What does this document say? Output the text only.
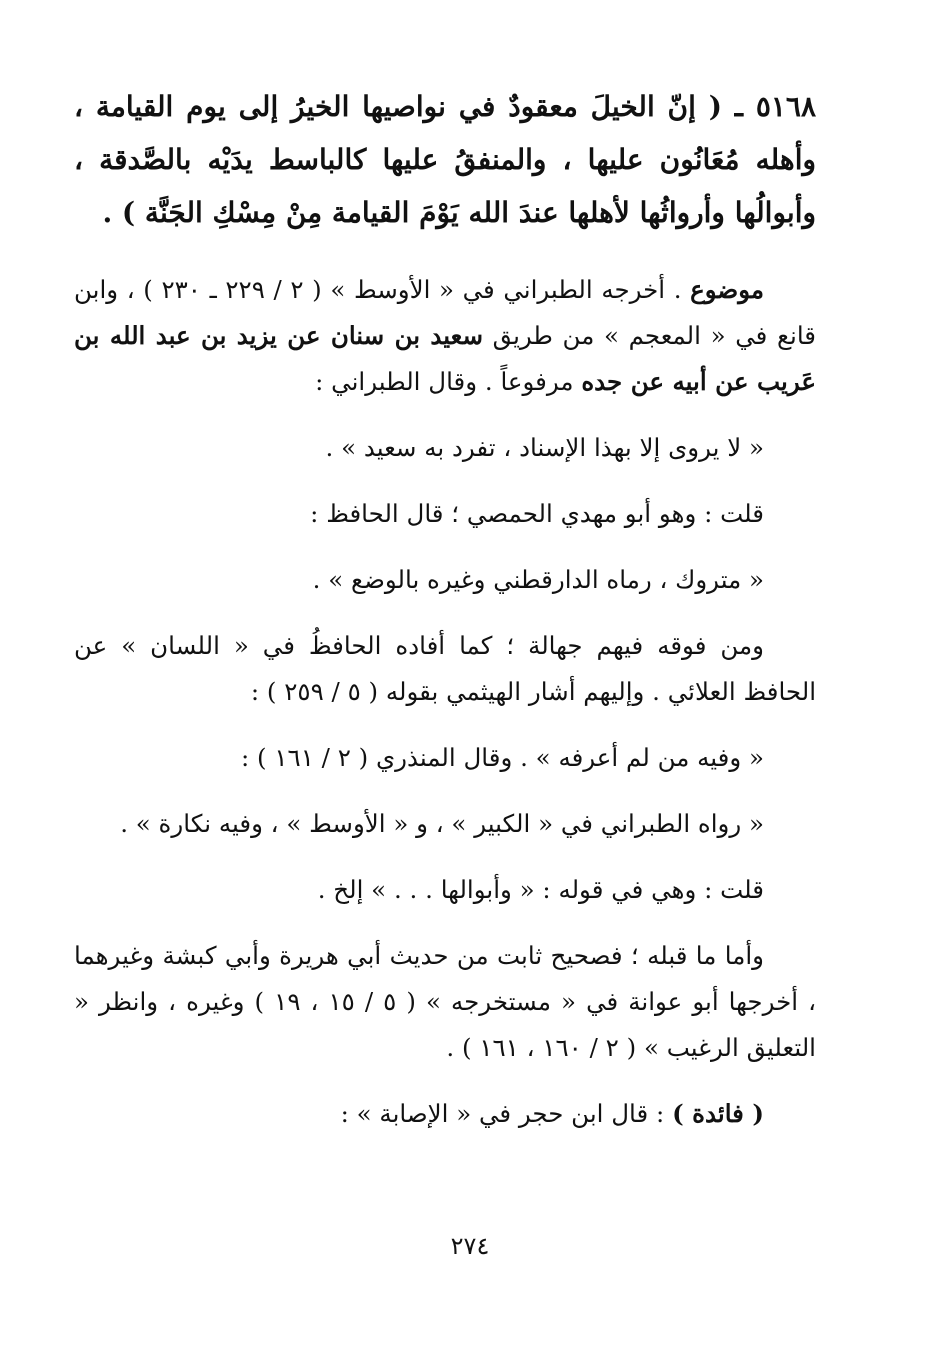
٥١٦٨ ـ ( إنّ الخيلَ معقودٌ في نواصيها الخيرُ إلى يوم القيامة ، وأهله مُعَانُون عليها ، والمنفقُ عليها كالباسط يدَيْه بالصَّدقة ، وأبوالُها وأرواثُها لأهلها عندَ الله يَوْمَ القيامة مِنْ مِسْكِ الجَنَّة ) .

موضوع . أخرجه الطبراني في « الأوسط » ( ٢ / ٢٢٩ ـ ٢٣٠ ) ، وابن قانع في « المعجم » من طريق سعيد بن سنان عن يزيد بن عبد الله بن عَريب عن أبيه عن جده مرفوعاً . وقال الطبراني :

« لا يروى إلا بهذا الإسناد ، تفرد به سعيد » .

قلت : وهو أبو مهدي الحمصي ؛ قال الحافظ :

« متروك ، رماه الدارقطني وغيره بالوضع » .

ومن فوقه فيهم جهالة ؛ كما أفاده الحافظُ في « اللسان » عن الحافظ العلائي . وإليهم أشار الهيثمي بقوله ( ٥ / ٢٥٩ ) :

« وفيه من لم أعرفه » . وقال المنذري ( ٢ / ١٦١ ) :

« رواه الطبراني في « الكبير » ، و « الأوسط » ، وفيه نكارة » .

قلت : وهي في قوله : « وأبوالها . . . » إلخ .

وأما ما قبله ؛ فصحيح ثابت من حديث أبي هريرة وأبي كبشة وغيرهما ، أخرجها أبو عوانة في « مستخرجه » ( ٥ / ١٥ ، ١٩ ) وغيره ، وانظر « التعليق الرغيب » ( ٢ / ١٦٠ ، ١٦١ ) .

( فائدة ) : قال ابن حجر في « الإصابة » :

٢٧٤
